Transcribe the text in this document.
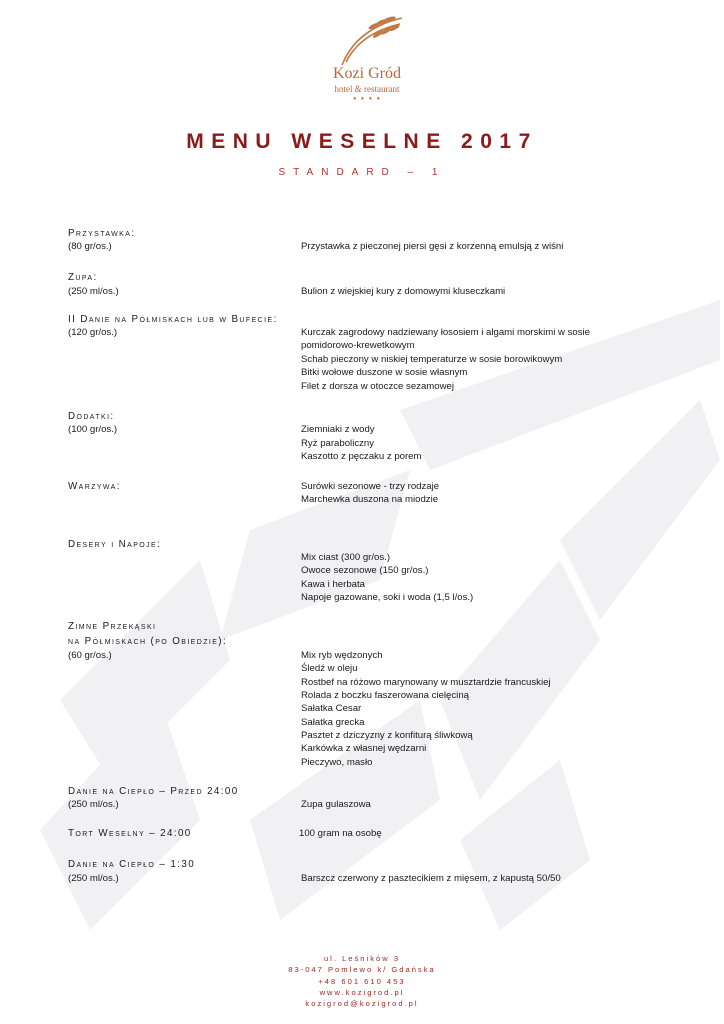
Kozi Gród
hotel & restaurant
★ ★ ★ ★
MENU WESELNE 2017
STANDARD – 1
Przystawka:
(80 gr/os.)	Przystawka z pieczonej piersi gęsi z korzenną emulsją z wiśni
Zupa:
(250 ml/os.)	Bulion z wiejskiej kury z domowymi kluseczkami
II Danie na Półmiskach lub w Bufecie:
(120 gr/os.)	Kurczak zagrodowy nadziewany łososiem i algami morskimi w sosie
pomidorowo-krewetkowym
Schab pieczony w niskiej temperaturze w sosie borowikowym
Bitki wołowe duszone w sosie własnym
Filet z dorsza w otoczce sezamowej
Dodatki:
(100 gr/os.)	Ziemniaki z wody
Ryż paraboliczny
Kaszotto z pęczaku z porem
Warzywa:	Surówki sezonowe - trzy rodzaje
Marchewka duszona na miodzie
Desery i Napoje:
Mix ciast (300 gr/os.)
Owoce sezonowe (150 gr/os.)
Kawa i herbata
Napoje gazowane, soki i woda (1,5 l/os.)
Zimne Przekąski
na Półmiskach (po Obiedzie):
(60 gr/os.)	Mix ryb wędzonych
Śledź w oleju
Rostbef na różowo marynowany w musztardzie francuskiej
Rolada z boczku faszerowana cielęciną
Sałatka Cesar
Sałatka grecka
Pasztet z dziczyzny z konfiturą śliwkową
Karkówka z własnej wędzarni
Pieczywo, masło
Danie na Ciepło – Przed 24:00
(250 ml/os.)	Zupa gulaszowa
Tort Weselny – 24:00	100 gram na osobę
Danie na Ciepło – 1:30
(250 ml/os.)	Barszcz czerwony z pasztecikiem z mięsem, z kapustą 50/50
ul. Leśników 3
83-047 Pomlewo k/ Gdańska
+48 601 610 453
www.kozigrod.pl
kozigrod@kozigrod.pl
